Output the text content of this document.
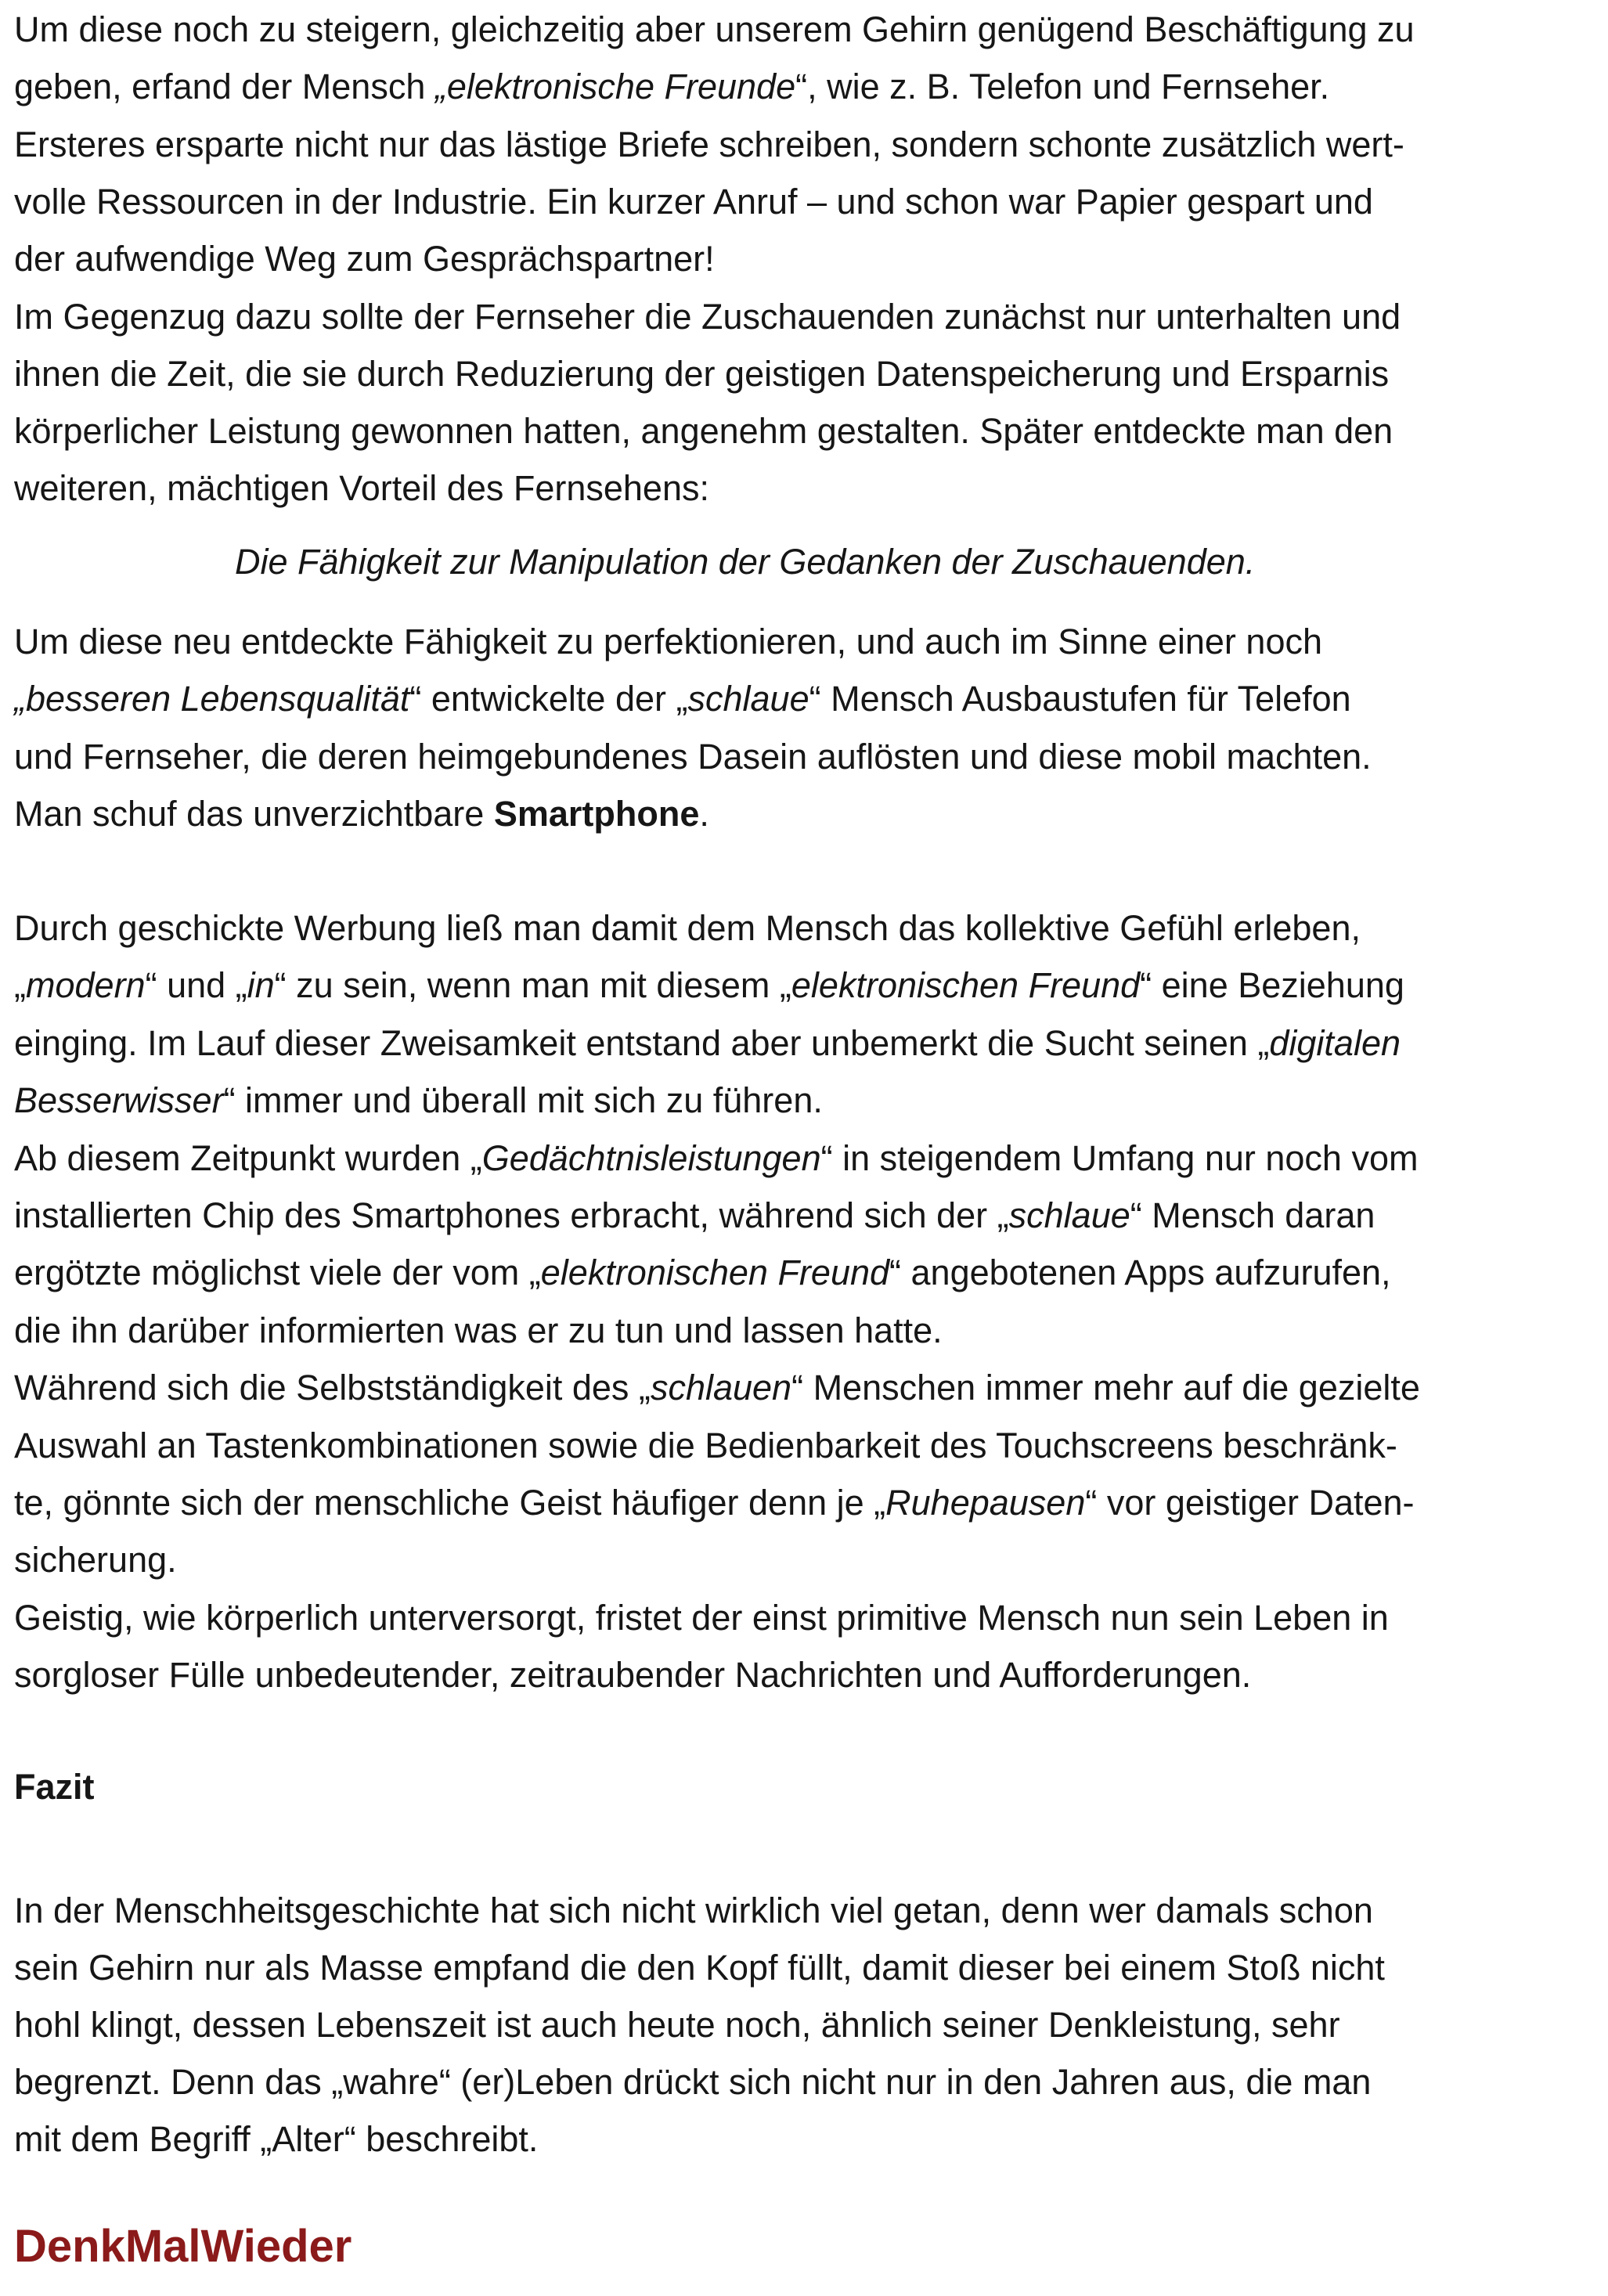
Um diese noch zu steigern, gleichzeitig aber unserem Gehirn genügend Beschäftigung zu
geben, erfand der Mensch „elektronische Freunde“, wie z. B. Telefon und Fernseher.
Ersteres ersparte nicht nur das lästige Briefe schreiben, sondern schonte zusätzlich wert-
volle Ressourcen in der Industrie. Ein kurzer Anruf – und schon war Papier gespart und
der aufwendige Weg zum Gesprächspartner!
Im Gegenzug dazu sollte der Fernseher die Zuschauenden zunächst nur unterhalten und
ihnen die Zeit, die sie durch Reduzierung der geistigen Datenspeicherung und Ersparnis
körperlicher Leistung gewonnen hatten, angenehm gestalten. Später entdeckte man den
weiteren, mächtigen Vorteil des Fernsehens:
Die Fähigkeit zur Manipulation der Gedanken der Zuschauenden.
Um diese neu entdeckte Fähigkeit zu perfektionieren, und auch im Sinne einer noch
„besseren Lebensqualität“ entwickelte der „schlaue“ Mensch Ausbaustufen für Telefon
und Fernseher, die deren heimgebundenes Dasein auflösten und diese mobil machten.
Man schuf das unverzichtbare Smartphone.
Durch geschickte Werbung ließ man damit dem Mensch das kollektive Gefühl erleben,
„modern“ und „in“ zu sein, wenn man mit diesem „elektronischen Freund“ eine Beziehung
einging. Im Lauf dieser Zweisamkeit entstand aber unbemerkt die Sucht seinen „digitalen
Besserwisser“ immer und überall mit sich zu führen.
Ab diesem Zeitpunkt wurden „Gedächtnisleistungen“ in steigendem Umfang nur noch vom
installierten Chip des Smartphones erbracht, während sich der „schlaue“ Mensch daran
ergötzte möglichst viele der vom „elektronischen Freund“ angebotenen Apps aufzurufen,
die ihn darüber informierten was er zu tun und lassen hatte.
Während sich die Selbstständigkeit des „schlauen“ Menschen immer mehr auf die gezielte
Auswahl an Tastenkombinationen sowie die Bedienbarkeit des Touchscreens beschränk-
te, gönnte sich der menschliche Geist häufiger denn je „Ruhepausen“ vor geistiger Daten-
sicherung.
Geistig, wie körperlich unterversorgt, fristet der einst primitive Mensch nun sein Leben in
sorgloser Fülle unbedeutender, zeitraubender Nachrichten und Aufforderungen.
Fazit
In der Menschheitsgeschichte hat sich nicht wirklich viel getan, denn wer damals schon
sein Gehirn nur als Masse empfand die den Kopf füllt, damit dieser bei einem Stoß nicht
hohl klingt, dessen Lebenszeit ist auch heute noch, ähnlich seiner Denkleistung, sehr
begrenzt. Denn das „wahre“ (er)Leben drückt sich nicht nur in den Jahren aus, die man
mit dem Begriff „Alter“ beschreibt.
DenkMalWieder
